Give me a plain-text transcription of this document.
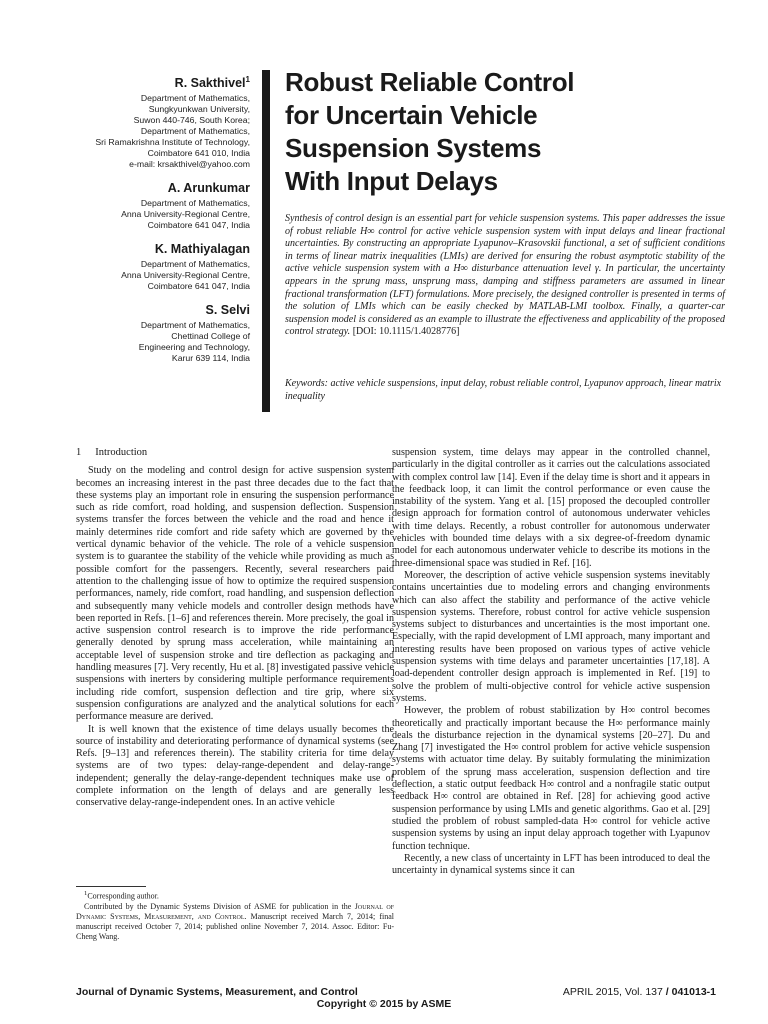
R. Sakthivel$^1$
Department of Mathematics,
Sungkyunkwan University,
Suwon 440-746, South Korea;
Department of Mathematics,
Sri Ramakrishna Institute of Technology,
Coimbatore 641 010, India
e-mail: krsakthivel@yahoo.com
A. Arunkumar
Department of Mathematics,
Anna University-Regional Centre,
Coimbatore 641 047, India
K. Mathiyalagan
Department of Mathematics,
Anna University-Regional Centre,
Coimbatore 641 047, India
S. Selvi
Department of Mathematics,
Chettinad College of
Engineering and Technology,
Karur 639 114, India
Robust Reliable Control
for Uncertain Vehicle
Suspension Systems
With Input Delays
Synthesis of control design is an essential part for vehicle suspension systems. This paper addresses the issue of robust reliable H∞ control for active vehicle suspension system with input delays and linear fractional uncertainties. By constructing an appropriate Lyapunov–Krasovskii functional, a set of sufficient conditions in terms of linear matrix inequalities (LMIs) are derived for ensuring the robust asymptotic stability of the active vehicle suspension system with a H∞ disturbance attenuation level γ. In particular, the uncertainty appears in the sprung mass, unsprung mass, damping and stiffness parameters are assumed in linear fractional transformation (LFT) formulations. More precisely, the designed controller is presented in terms of the solution of LMIs which can be easily checked by MATLAB-LMI toolbox. Finally, a quarter-car suspension model is considered as an example to illustrate the effectiveness and applicability of the proposed control strategy. [DOI: 10.1115/1.4028776]
Keywords: active vehicle suspensions, input delay, robust reliable control, Lyapunov approach, linear matrix inequality
1 Introduction

Study on the modeling and control design for active suspension system becomes an increasing interest in the past three decades due to the fact that these systems play an important role in ensuring the suspension performance such as ride comfort, road holding, and suspension deflection. Suspension systems transfer the forces between the vehicle and the road and hence it mainly determines ride comfort and ride safety which are governed by the vertical dynamic behavior of the vehicle. The role of a vehicle suspension system is to guarantee the stability of the vehicle while providing as much as possible comfort for the passengers. Recently, several researchers paid attention to the challenging issue of how to optimize the required suspension performances, namely, ride comfort, road handling, and suspension deflection and subsequently many vehicle models and controller design methods have been reported in Refs. [1–6] and references therein. More precisely, the goal in active suspension control research is to improve the ride performance generally denoted by sprung mass acceleration, while maintaining an acceptable level of suspension stroke and tire deflection as packaging and handling measures [7]. Very recently, Hu et al. [8] investigated passive vehicle suspensions with inerters by considering multiple performance requirements including ride comfort, suspension deflection and tire grip, where six suspension configurations are analyzed and the analytical solutions for each performance measure are derived.

It is well known that the existence of time delays usually becomes the source of instability and deteriorating performance of dynamical systems (see Refs. [9–13] and references therein). The stability criteria for time delay systems are of two types: delay-range-dependent and delay-range-independent; generally the delay-range-dependent techniques make use of complete information on the length of delays and are generally less conservative delay-range-independent ones. In an active vehicle

suspension system, time delays may appear in the controlled channel, particularly in the digital controller as it carries out the calculations associated with complex control law [14]. Even if the delay time is short and it appears in the feedback loop, it can limit the control performance or even cause the instability of the system. Yang et al. [15] proposed the decoupled controller design approach for formation control of autonomous underwater vehicles with time delays. Recently, a robust controller for autonomous underwater vehicles with bounded time delays with a six degree-of-freedom dynamic model for each autonomous underwater vehicle to describe its motions in the three-dimensional space was studied in Ref. [16].

Moreover, the description of active vehicle suspension systems inevitably contains uncertainties due to modeling errors and changing environments which can also affect the stability and performance of the active vehicle suspension systems. Therefore, robust control for active vehicle suspension systems subject to disturbances and uncertainties is the most important one. Especially, with the rapid development of LMI approach, many important and interesting results have been proposed on various types of active vehicle suspension systems with time delays and parameter uncertainties [17,18]. A load-dependent controller design approach is implemented in Ref. [19] to solve the problem of multi-objective control for vehicle active suspension systems.

However, the problem of robust stabilization by H∞ control becomes theoretically and practically important because the H∞ performance mainly deals the disturbance rejection in the dynamical systems [20–27]. Du and Zhang [7] investigated the H∞ control problem for active vehicle suspension systems with actuator time delay. By suitably formulating the minimization problem of the sprung mass acceleration, suspension deflection and tire deflection, a static output feedback H∞ control and a nonfragile static output feedback H∞ control are obtained in Ref. [28] for achieving good active suspension performance by using LMIs and genetic algorithms. Gao et al. [29] studied the problem of robust sampled-data H∞ control for vehicle active suspension systems by using an input delay approach together with Lyapunov function technique.

Recently, a new class of uncertainty in LFT has been introduced to deal the uncertainty in dynamical systems since it can

$^1$Corresponding author.

Contributed by the Dynamic Systems Division of ASME for publication in the Journal of Dynamic Systems, Measurement, and Control. Manuscript received March 7, 2014; final manuscript received October 7, 2014; published online November 7, 2014. Assoc. Editor: Fu-Cheng Wang.

Journal of Dynamic Systems, Measurement, and Control
Copyright © 2015 by ASME
APRIL 2015, Vol. 137 / 041013-1
